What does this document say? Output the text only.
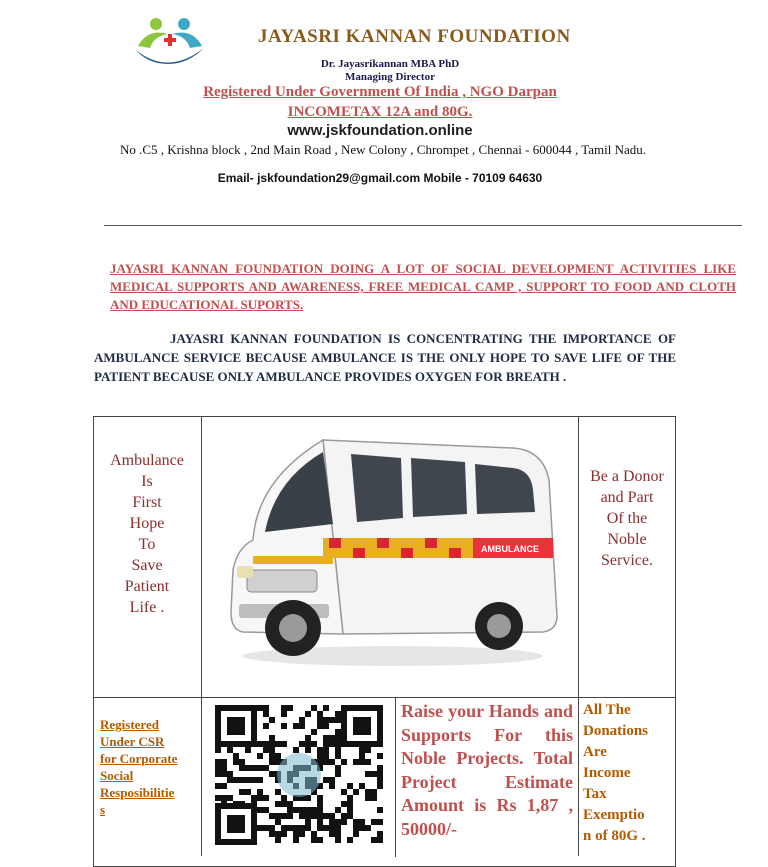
JAYASRI KANNAN FOUNDATION
Dr. Jayasrikannan MBA PhD
Managing Director
Registered Under Government Of India , NGO Darpan
INCOMETAX 12A and 80G.
www.jskfoundation.online
No .C5 , Krishna block , 2nd Main Road , New Colony , Chrompet , Chennai - 600044 , Tamil Nadu.
Email- jskfoundation29@gmail.com Mobile - 70109 64630
JAYASRI KANNAN FOUNDATION DOING A LOT OF SOCIAL DEVELOPMENT ACTIVITIES LIKE MEDICAL SUPPORTS AND AWARENESS, FREE MEDICAL CAMP , SUPPORT TO FOOD AND CLOTH AND EDUCATIONAL SUPORTS.
JAYASRI KANNAN FOUNDATION IS CONCENTRATING THE IMPORTANCE OF AMBULANCE SERVICE BECAUSE AMBULANCE IS THE ONLY HOPE TO SAVE LIFE OF THE PATIENT BECAUSE ONLY AMBULANCE PROVIDES OXYGEN FOR BREATH .
Ambulance
Is
First
Hope
To
Save
Patient
Life .
AMBULANCE
Be a Donor
and Part
Of the
Noble
Service.
Registered
Under CSR
for Corporate
Social
Resposibilitie
s
Raise your Hands and Supports For this Noble Projects. Total Project Estimate Amount is Rs 1,87 , 50000/-
All The
Donations
Are
Income
Tax
Exemptio
n of 80G .
